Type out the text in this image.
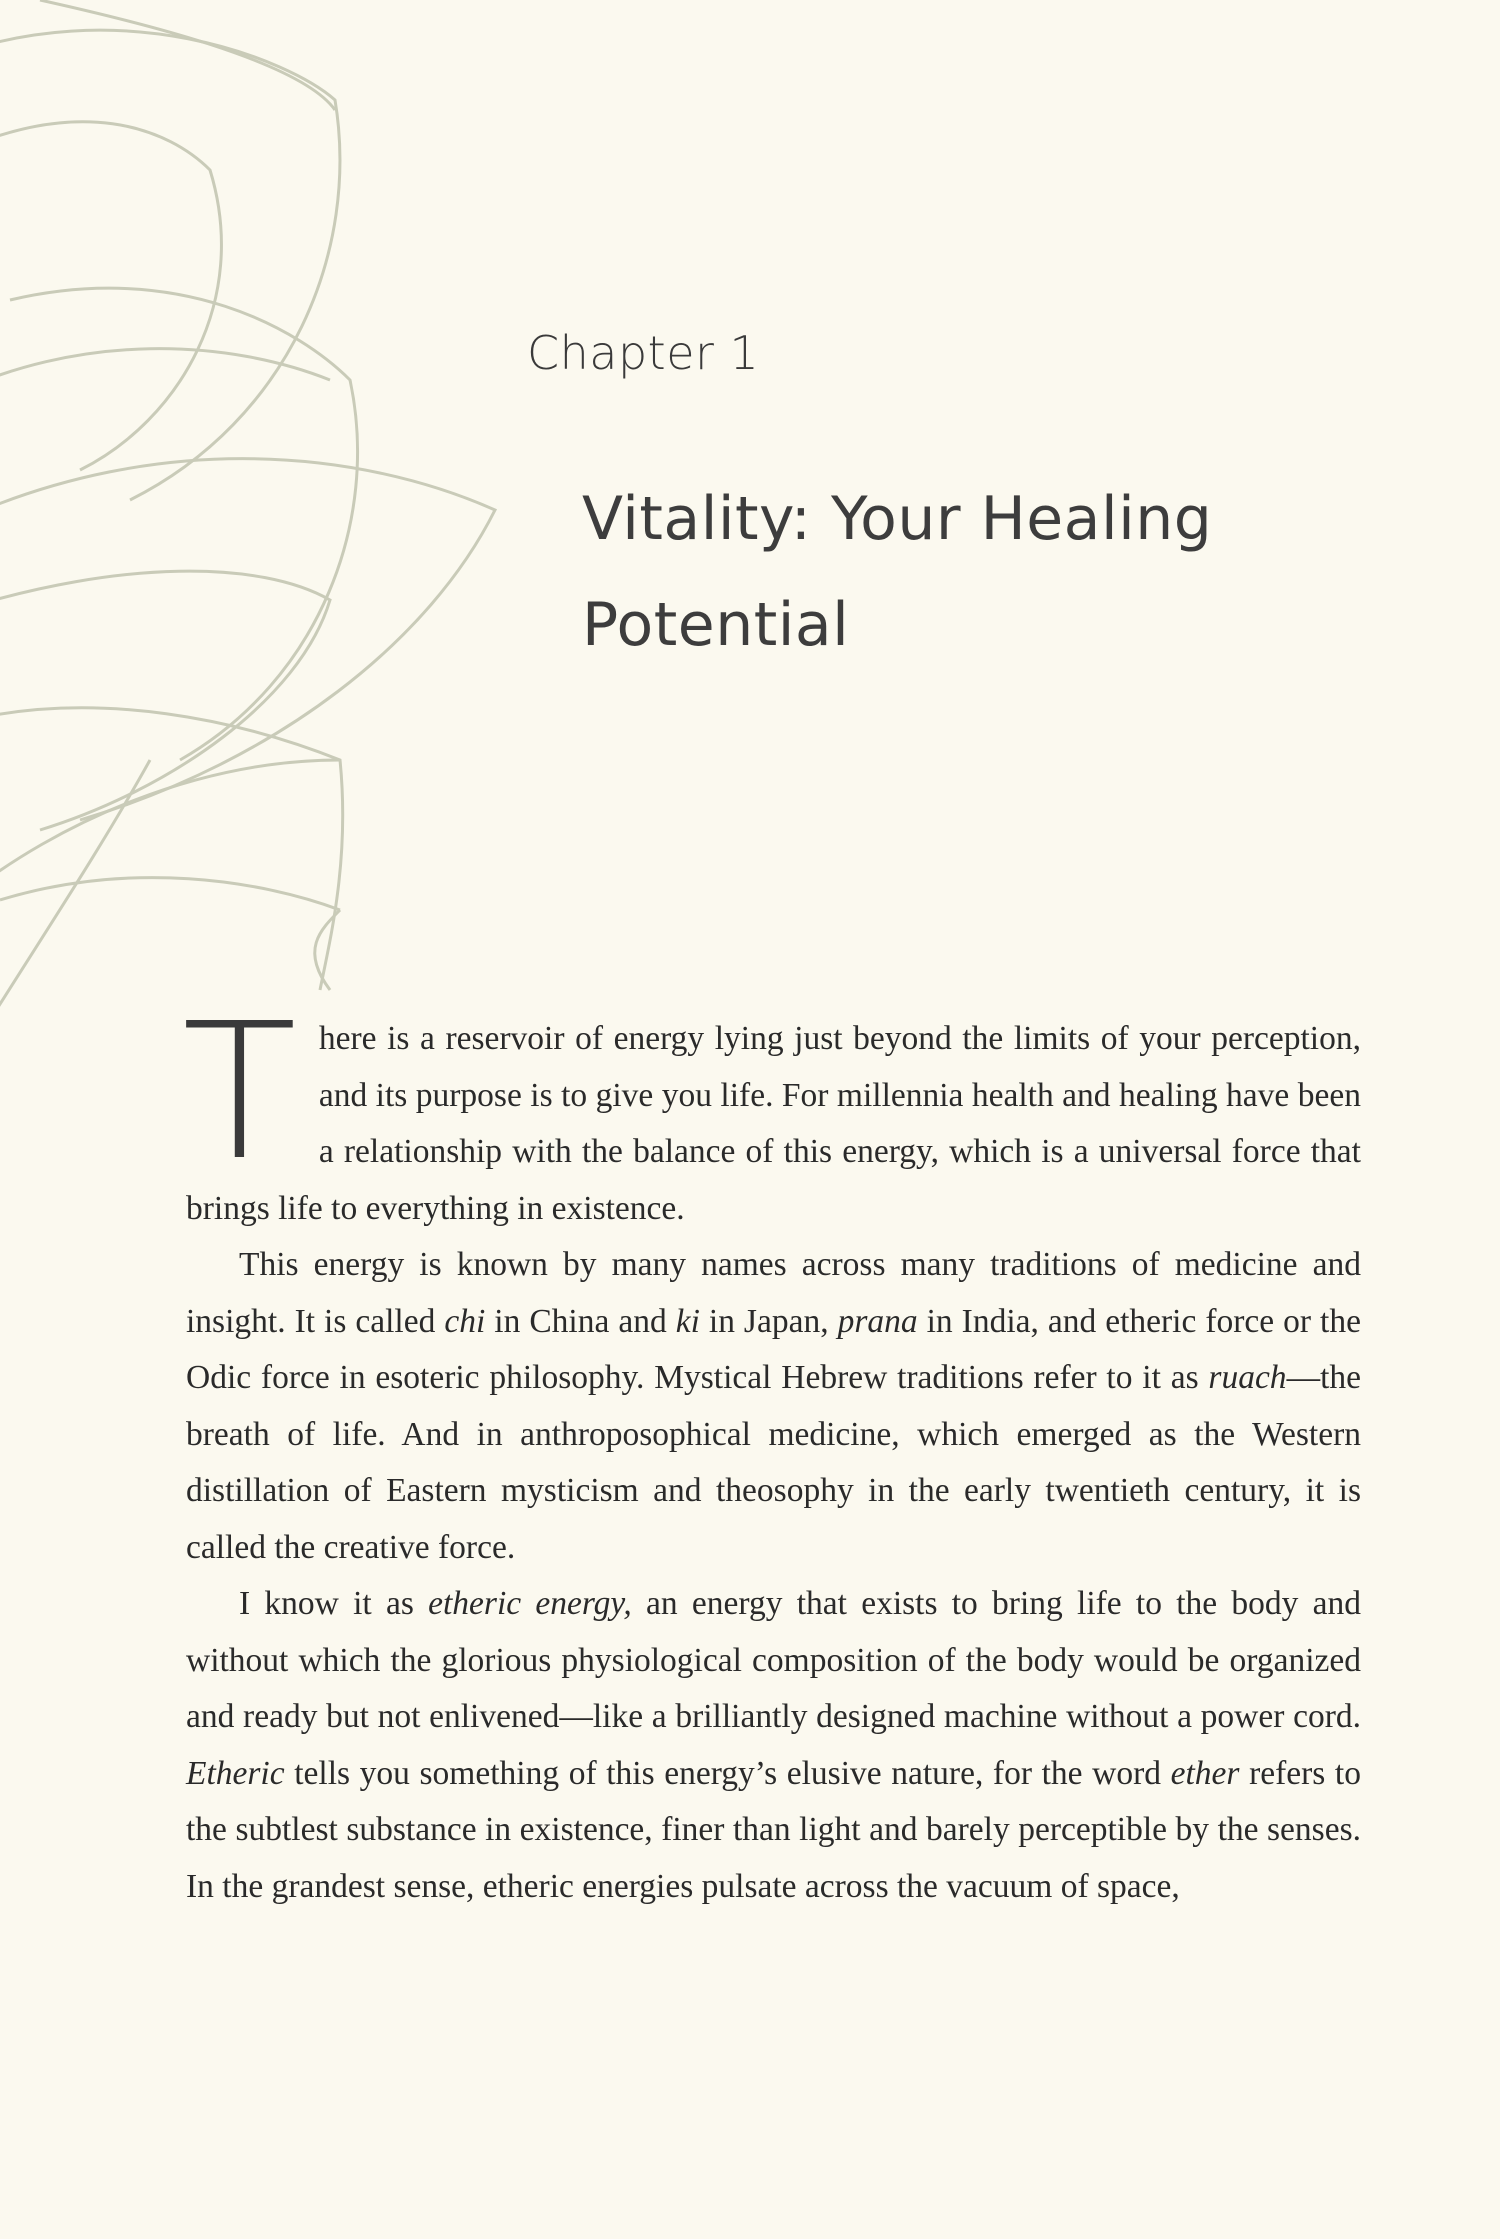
Chapter 1
Vitality: Your Healing
Potential

There is a reservoir of energy lying just beyond the limits of your perception, and its purpose is to give you life. For millennia health and healing have been a relationship with the balance of this energy, which is a universal force that brings life to everything in existence.

This energy is known by many names across many traditions of medicine and insight. It is called chi in China and ki in Japan, prana in India, and etheric force or the Odic force in esoteric philosophy. Mystical Hebrew traditions refer to it as ruach—the breath of life. And in anthroposophical medicine, which emerged as the Western distillation of Eastern mysticism and theosophy in the early twentieth century, it is called the creative force.

I know it as etheric energy, an energy that exists to bring life to the body and without which the glorious physiological composition of the body would be organized and ready but not enlivened—like a brilliantly designed machine without a power cord. Etheric tells you something of this energy’s elusive nature, for the word ether refers to the subtlest substance in existence, finer than light and barely perceptible by the senses. In the grandest sense, etheric energies pulsate across the vacuum of space,
